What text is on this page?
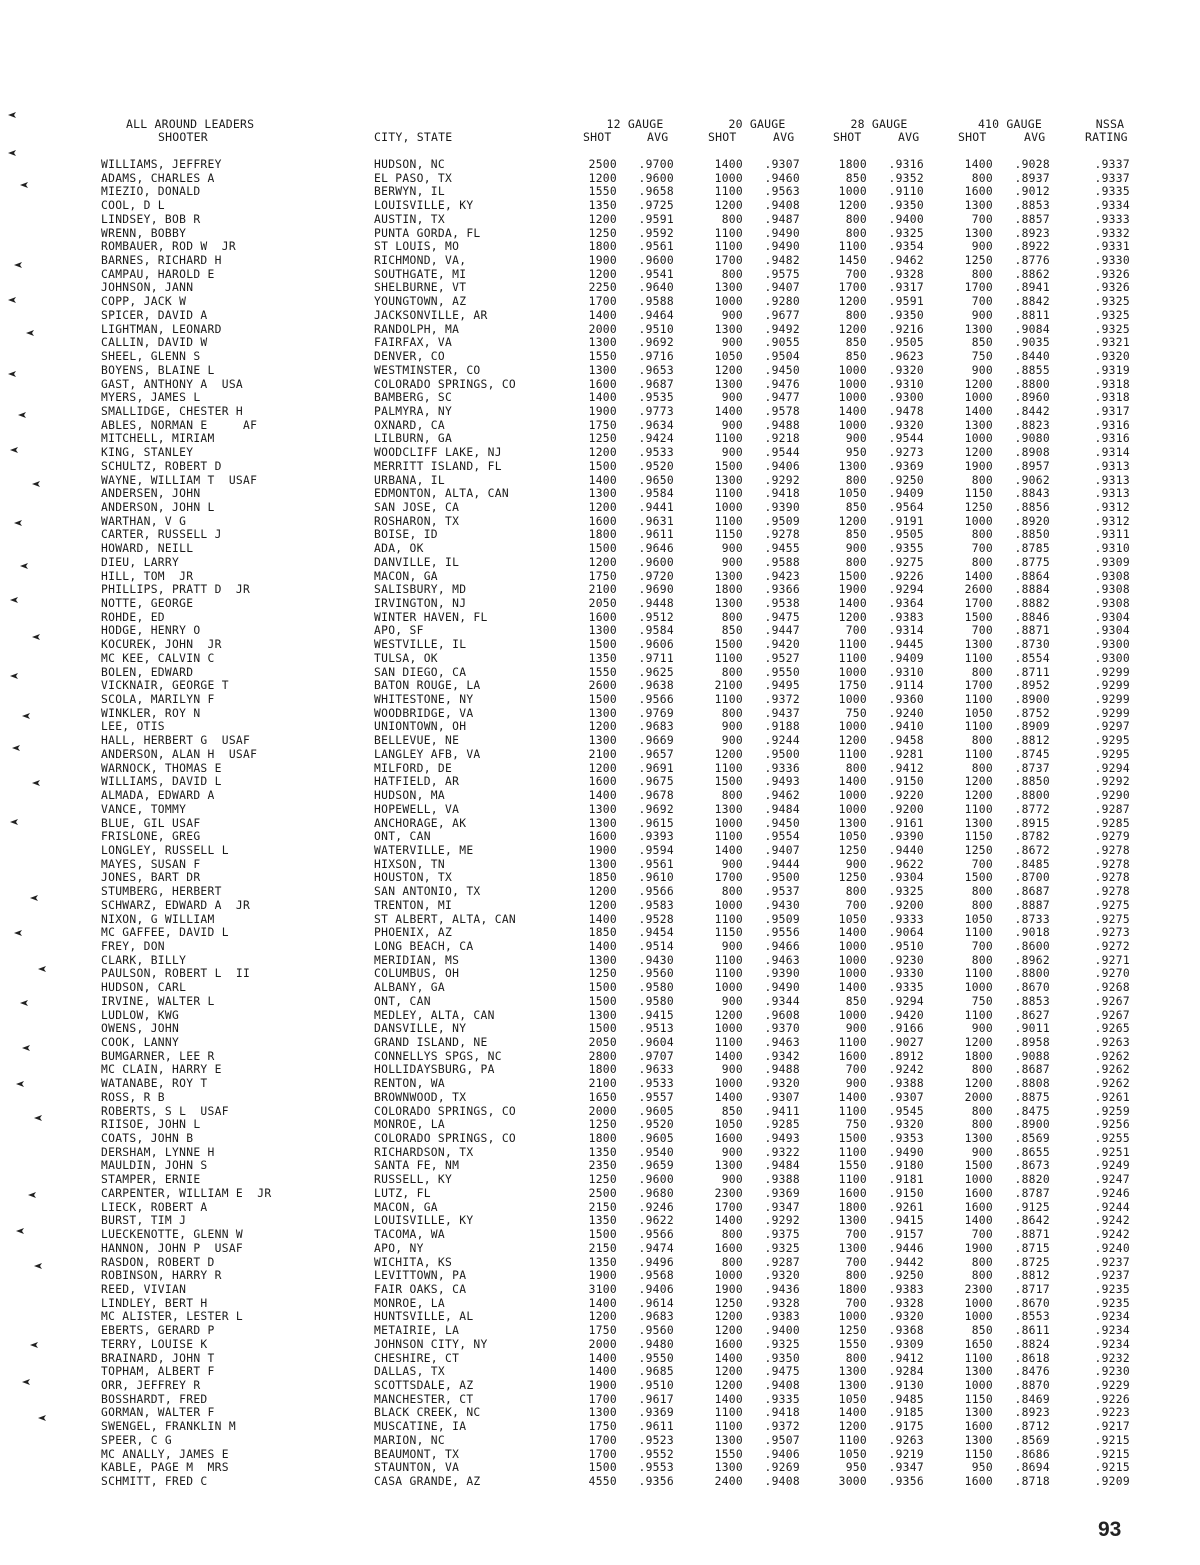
ALL AROUND LEADERS
SHOOTER	CITY, STATE
12 GAUGE
SHOT	AVG
20 GAUGE
SHOT	AVG
28 GAUGE
SHOT	AVG
410 GAUGE
SHOT	AVG
NSSA
RATING
WILLIAMS, JEFFREY	HUDSON, NC	2500	.9700	1400	.9307	1800	.9316	1400	.9028	.9337
ADAMS, CHARLES A	EL PASO, TX	1200	.9600	1000	.9460	850	.9352	800	.8937	.9337
MIEZIO, DONALD	BERWYN, IL	1550	.9658	1100	.9563	1000	.9110	1600	.9012	.9335
COOL, D L	LOUISVILLE, KY	1350	.9725	1200	.9408	1200	.9350	1300	.8853	.9334
LINDSEY, BOB R	AUSTIN, TX	1200	.9591	800	.9487	800	.9400	700	.8857	.9333
WRENN, BOBBY	PUNTA GORDA, FL	1250	.9592	1100	.9490	800	.9325	1300	.8923	.9332
ROMBAUER, ROD W  JR	ST LOUIS, MO	1800	.9561	1100	.9490	1100	.9354	900	.8922	.9331
BARNES, RICHARD H	RICHMOND, VA,	1900	.9600	1700	.9482	1450	.9462	1250	.8776	.9330
CAMPAU, HAROLD E	SOUTHGATE, MI	1200	.9541	800	.9575	700	.9328	800	.8862	.9326
JOHNSON, JANN	SHELBURNE, VT	2250	.9640	1300	.9407	1700	.9317	1700	.8941	.9326
COPP, JACK W	YOUNGTOWN, AZ	1700	.9588	1000	.9280	1200	.9591	700	.8842	.9325
SPICER, DAVID A	JACKSONVILLE, AR	1400	.9464	900	.9677	800	.9350	900	.8811	.9325
LIGHTMAN, LEONARD	RANDOLPH, MA	2000	.9510	1300	.9492	1200	.9216	1300	.9084	.9325
CALLIN, DAVID W	FAIRFAX, VA	1300	.9692	900	.9055	850	.9505	850	.9035	.9321
SHEEL, GLENN S	DENVER, CO	1550	.9716	1050	.9504	850	.9623	750	.8440	.9320
BOYENS, BLAINE L	WESTMINSTER, CO	1300	.9653	1200	.9450	1000	.9320	900	.8855	.9319
GAST, ANTHONY A  USA	COLORADO SPRINGS, CO	1600	.9687	1300	.9476	1000	.9310	1200	.8800	.9318
MYERS, JAMES L	BAMBERG, SC	1400	.9535	900	.9477	1000	.9300	1000	.8960	.9318
SMALLIDGE, CHESTER H	PALMYRA, NY	1900	.9773	1400	.9578	1400	.9478	1400	.8442	.9317
ABLES, NORMAN E     AF	OXNARD, CA	1750	.9634	900	.9488	1000	.9320	1300	.8823	.9316
MITCHELL, MIRIAM	LILBURN, GA	1250	.9424	1100	.9218	900	.9544	1000	.9080	.9316
KING, STANLEY	WOODCLIFF LAKE, NJ	1200	.9533	900	.9544	950	.9273	1200	.8908	.9314
SCHULTZ, ROBERT D	MERRITT ISLAND, FL	1500	.9520	1500	.9406	1300	.9369	1900	.8957	.9313
WAYNE, WILLIAM T  USAF	URBANA, IL	1400	.9650	1300	.9292	800	.9250	800	.9062	.9313
ANDERSEN, JOHN	EDMONTON, ALTA, CAN	1300	.9584	1100	.9418	1050	.9409	1150	.8843	.9313
ANDERSON, JOHN L	SAN JOSE, CA	1200	.9441	1000	.9390	850	.9564	1250	.8856	.9312
WARTHAN, V G	ROSHARON, TX	1600	.9631	1100	.9509	1200	.9191	1000	.8920	.9312
CARTER, RUSSELL J	BOISE, ID	1800	.9611	1150	.9278	850	.9505	800	.8850	.9311
HOWARD, NEILL	ADA, OK	1500	.9646	900	.9455	900	.9355	700	.8785	.9310
DIEU, LARRY	DANVILLE, IL	1200	.9600	900	.9588	800	.9275	800	.8775	.9309
HILL, TOM  JR	MACON, GA	1750	.9720	1300	.9423	1500	.9226	1400	.8864	.9308
PHILLIPS, PRATT D  JR	SALISBURY, MD	2100	.9690	1800	.9366	1900	.9294	2600	.8884	.9308
NOTTE, GEORGE	IRVINGTON, NJ	2050	.9448	1300	.9538	1400	.9364	1700	.8882	.9308
ROHDE, ED	WINTER HAVEN, FL	1600	.9512	800	.9475	1200	.9383	1500	.8846	.9304
HODGE, HENRY O	APO, SF	1300	.9584	850	.9447	700	.9314	700	.8871	.9304
KOCUREK, JOHN  JR	WESTVILLE, IL	1500	.9606	1500	.9420	1100	.9445	1300	.8730	.9300
MC KEE, CALVIN C	TULSA, OK	1350	.9711	1100	.9527	1100	.9409	1100	.8554	.9300
BOLEN, EDWARD	SAN DIEGO, CA	1550	.9625	800	.9550	1000	.9310	800	.8711	.9299
VICKNAIR, GEORGE T	BATON ROUGE, LA	2600	.9638	2100	.9495	1750	.9114	1700	.8952	.9299
SCOLA, MARILYN F	WHITESTONE, NY	1500	.9566	1100	.9372	1000	.9360	1100	.8900	.9299
WINKLER, ROY N	WOODBRIDGE, VA	1300	.9769	800	.9437	750	.9240	1050	.8752	.9299
LEE, OTIS	UNIONTOWN, OH	1200	.9683	900	.9188	1000	.9410	1100	.8909	.9297
HALL, HERBERT G  USAF	BELLEVUE, NE	1300	.9669	900	.9244	1200	.9458	800	.8812	.9295
ANDERSON, ALAN H  USAF	LANGLEY AFB, VA	2100	.9657	1200	.9500	1100	.9281	1100	.8745	.9295
WARNOCK, THOMAS E	MILFORD, DE	1200	.9691	1100	.9336	800	.9412	800	.8737	.9294
WILLIAMS, DAVID L	HATFIELD, AR	1600	.9675	1500	.9493	1400	.9150	1200	.8850	.9292
ALMADA, EDWARD A	HUDSON, MA	1400	.9678	800	.9462	1000	.9220	1200	.8800	.9290
VANCE, TOMMY	HOPEWELL, VA	1300	.9692	1300	.9484	1000	.9200	1100	.8772	.9287
BLUE, GIL USAF	ANCHORAGE, AK	1300	.9615	1000	.9450	1300	.9161	1300	.8915	.9285
FRISLONE, GREG	ONT, CAN	1600	.9393	1100	.9554	1050	.9390	1150	.8782	.9279
LONGLEY, RUSSELL L	WATERVILLE, ME	1900	.9594	1400	.9407	1250	.9440	1250	.8672	.9278
MAYES, SUSAN F	HIXSON, TN	1300	.9561	900	.9444	900	.9622	700	.8485	.9278
JONES, BART DR	HOUSTON, TX	1850	.9610	1700	.9500	1250	.9304	1500	.8700	.9278
STUMBERG, HERBERT	SAN ANTONIO, TX	1200	.9566	800	.9537	800	.9325	800	.8687	.9278
SCHWARZ, EDWARD A  JR	TRENTON, MI	1200	.9583	1000	.9430	700	.9200	800	.8887	.9275
NIXON, G WILLIAM	ST ALBERT, ALTA, CAN	1400	.9528	1100	.9509	1050	.9333	1050	.8733	.9275
MC GAFFEE, DAVID L	PHOENIX, AZ	1850	.9454	1150	.9556	1400	.9064	1100	.9018	.9273
FREY, DON	LONG BEACH, CA	1400	.9514	900	.9466	1000	.9510	700	.8600	.9272
CLARK, BILLY	MERIDIAN, MS	1300	.9430	1100	.9463	1000	.9230	800	.8962	.9271
PAULSON, ROBERT L  II	COLUMBUS, OH	1250	.9560	1100	.9390	1000	.9330	1100	.8800	.9270
HUDSON, CARL	ALBANY, GA	1500	.9580	1000	.9490	1400	.9335	1000	.8670	.9268
IRVINE, WALTER L	ONT, CAN	1500	.9580	900	.9344	850	.9294	750	.8853	.9267
LUDLOW, KWG	MEDLEY, ALTA, CAN	1300	.9415	1200	.9608	1000	.9420	1100	.8627	.9267
OWENS, JOHN	DANSVILLE, NY	1500	.9513	1000	.9370	900	.9166	900	.9011	.9265
COOK, LANNY	GRAND ISLAND, NE	2050	.9604	1100	.9463	1100	.9027	1200	.8958	.9263
BUMGARNER, LEE R	CONNELLYS SPGS, NC	2800	.9707	1400	.9342	1600	.8912	1800	.9088	.9262
MC CLAIN, HARRY E	HOLLIDAYSBURG, PA	1800	.9633	900	.9488	700	.9242	800	.8687	.9262
WATANABE, ROY T	RENTON, WA	2100	.9533	1000	.9320	900	.9388	1200	.8808	.9262
ROSS, R B	BROWNWOOD, TX	1650	.9557	1400	.9307	1400	.9307	2000	.8875	.9261
ROBERTS, S L  USAF	COLORADO SPRINGS, CO	2000	.9605	850	.9411	1100	.9545	800	.8475	.9259
RIISOE, JOHN L	MONROE, LA	1250	.9520	1050	.9285	750	.9320	800	.8900	.9256
COATS, JOHN B	COLORADO SPRINGS, CO	1800	.9605	1600	.9493	1500	.9353	1300	.8569	.9255
DERSHAM, LYNNE H	RICHARDSON, TX	1350	.9540	900	.9322	1100	.9490	900	.8655	.9251
MAULDIN, JOHN S	SANTA FE, NM	2350	.9659	1300	.9484	1550	.9180	1500	.8673	.9249
STAMPER, ERNIE	RUSSELL, KY	1250	.9600	900	.9388	1100	.9181	1000	.8820	.9247
CARPENTER, WILLIAM E  JR	LUTZ, FL	2500	.9680	2300	.9369	1600	.9150	1600	.8787	.9246
LIECK, ROBERT A	MACON, GA	2150	.9246	1700	.9347	1800	.9261	1600	.9125	.9244
BURST, TIM J	LOUISVILLE, KY	1350	.9622	1400	.9292	1300	.9415	1400	.8642	.9242
LUECKENOTTE, GLENN W	TACOMA, WA	1500	.9566	800	.9375	700	.9157	700	.8871	.9242
HANNON, JOHN P  USAF	APO, NY	2150	.9474	1600	.9325	1300	.9446	1900	.8715	.9240
RASDON, ROBERT D	WICHITA, KS	1350	.9496	800	.9287	700	.9442	800	.8725	.9237
ROBINSON, HARRY R	LEVITTOWN, PA	1900	.9568	1000	.9320	800	.9250	800	.8812	.9237
REED, VIVIAN	FAIR OAKS, CA	3100	.9406	1900	.9436	1800	.9383	2300	.8717	.9235
LINDLEY, BERT H	MONROE, LA	1400	.9614	1250	.9328	700	.9328	1000	.8670	.9235
MC ALISTER, LESTER L	HUNTSVILLE, AL	1200	.9683	1200	.9383	1000	.9320	1000	.8553	.9234
EBERTS, GERARD P	METAIRIE, LA	1750	.9560	1200	.9400	1250	.9368	850	.8611	.9234
TERRY, LOUISE K	JOHNSON CITY, NY	2000	.9480	1600	.9325	1550	.9309	1650	.8824	.9234
BRAINARD, JOHN T	CHESHIRE, CT	1400	.9550	1400	.9350	800	.9412	1100	.8618	.9232
TOPHAM, ALBERT F	DALLAS, TX	1400	.9685	1200	.9475	1300	.9284	1300	.8476	.9230
ORR, JEFFREY R	SCOTTSDALE, AZ	1900	.9510	1200	.9408	1300	.9130	1000	.8870	.9229
BOSSHARDT, FRED	MANCHESTER, CT	1700	.9617	1400	.9335	1050	.9485	1150	.8469	.9226
GORMAN, WALTER F	BLACK CREEK, NC	1300	.9369	1100	.9418	1400	.9185	1300	.8923	.9223
SWENGEL, FRANKLIN M	MUSCATINE, IA	1750	.9611	1100	.9372	1200	.9175	1600	.8712	.9217
SPEER, C G	MARION, NC	1700	.9523	1300	.9507	1100	.9263	1300	.8569	.9215
MC ANALLY, JAMES E	BEAUMONT, TX	1700	.9552	1550	.9406	1050	.9219	1150	.8686	.9215
KABLE, PAGE M  MRS	STAUNTON, VA	1500	.9553	1300	.9269	950	.9347	950	.8694	.9215
SCHMITT, FRED C	CASA GRANDE, AZ	4550	.9356	2400	.9408	3000	.9356	1600	.8718	.9209
93
